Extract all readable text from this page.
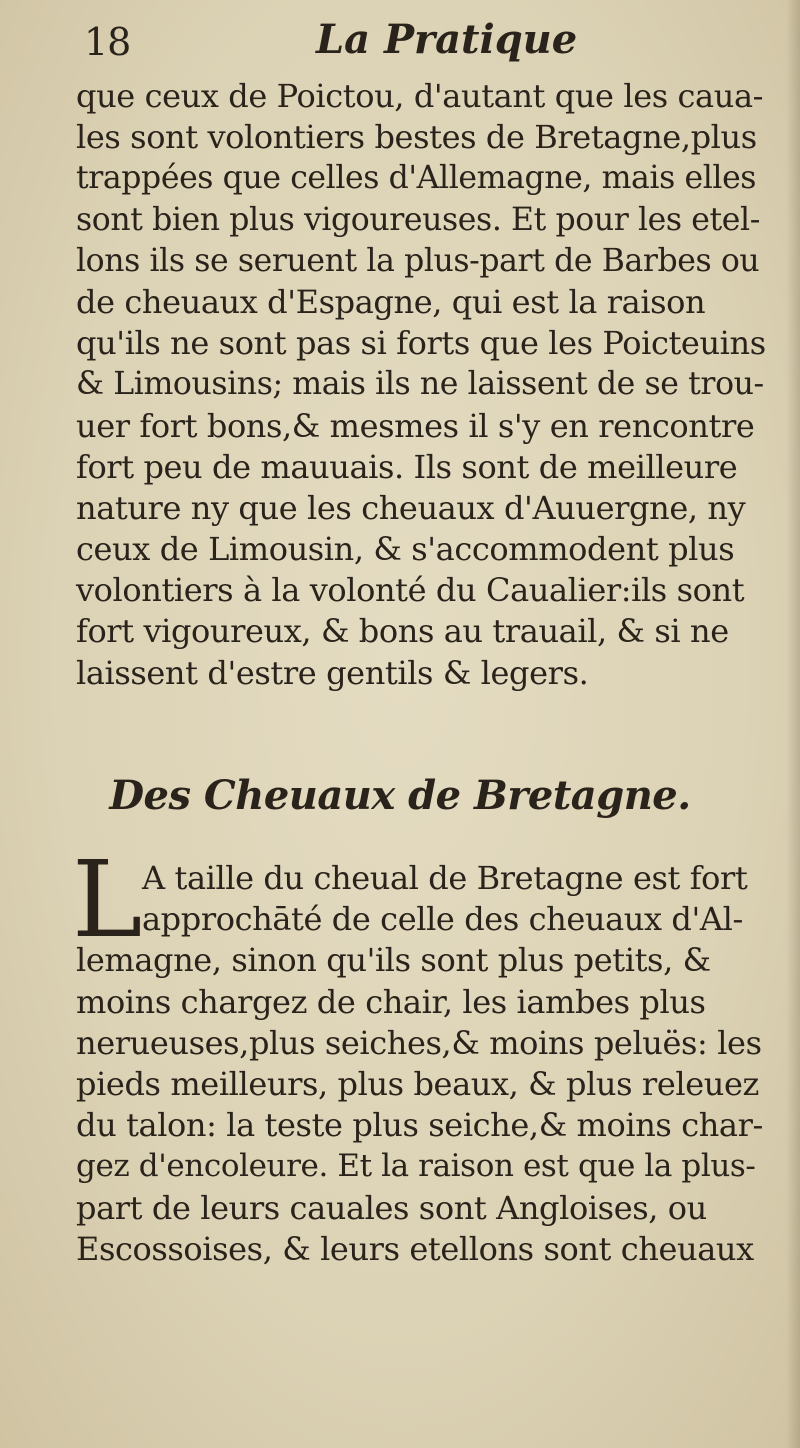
18	La Pratique
que ceux de Poictou, d'autant que les caua-
les sont volontiers bestes de Bretagne,plus
trappées que celles d'Allemagne, mais elles
sont bien plus vigoureuses. Et pour les etel-
lons ils se seruent la plus-part de Barbes ou
de cheuaux d'Espagne, qui est la raison
qu'ils ne sont pas si forts que les Poicteuins
& Limousins; mais ils ne laissent de se trou-
uer fort bons,& mesmes il s'y en rencontre
fort peu de mauuais. Ils sont de meilleure
nature ny que les cheuaux d'Auuergne, ny
ceux de Limousin, & s'accommodent plus
volontiers à la volonté du Caualier:ils sont
fort vigoureux, & bons au trauail, & si ne
laissent d'estre gentils & legers.
Des Cheuaux de Bretagne.
L A taille du cheual de Bretagne est fort
approchāté de celle des cheuaux d'Al-
lemagne, sinon qu'ils sont plus petits, &
moins chargez de chair, les iambes plus
nerueuses,plus seiches,& moins peluës: les
pieds meilleurs, plus beaux, & plus releuez
du talon: la teste plus seiche,& moins char-
gez d'encoleure. Et la raison est que la plus-
part de leurs cauales sont Angloises, ou
Escossoises, & leurs etellons sont cheuaux
